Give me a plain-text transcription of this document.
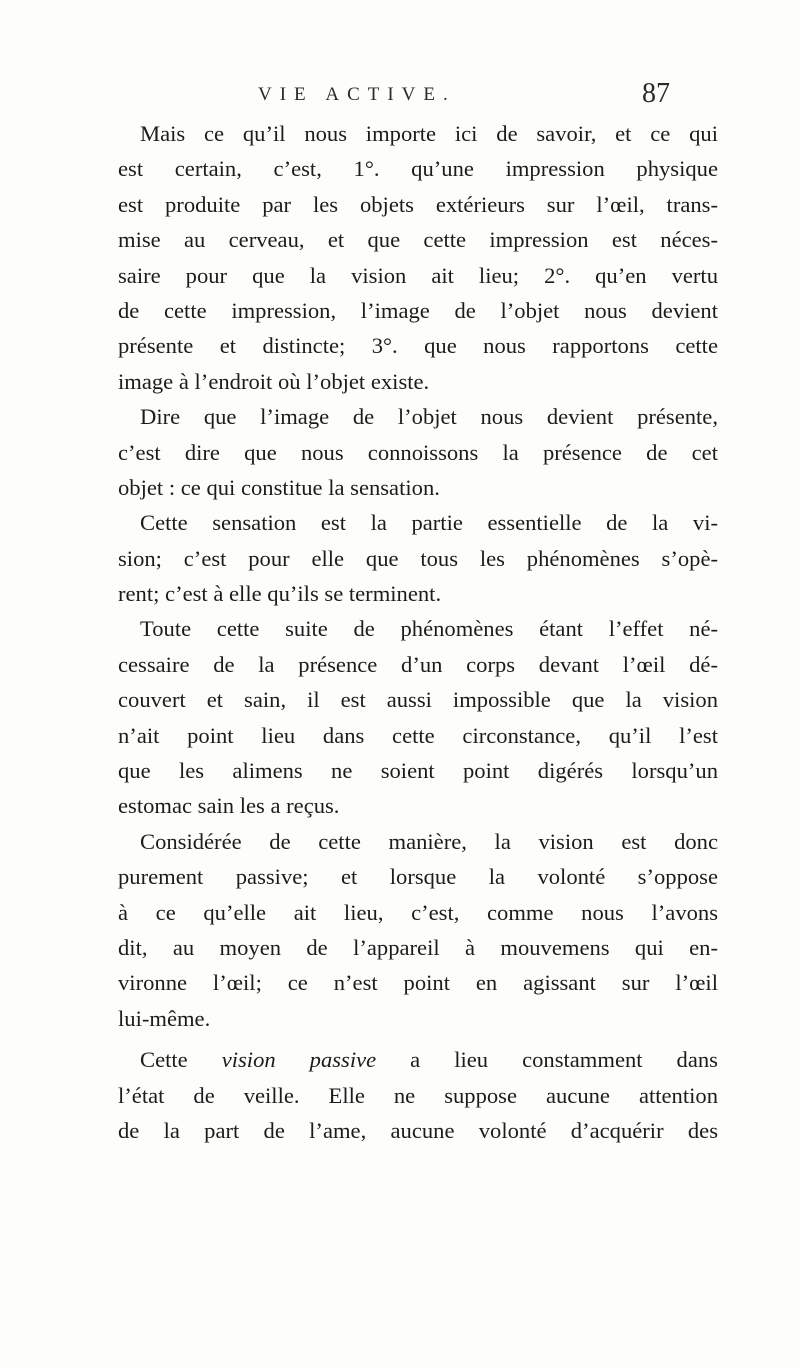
VIE ACTIVE.	87
Mais ce qu’il nous importe ici de savoir, et ce qui
est certain, c’est, 1°. qu’une impression physique
est produite par les objets extérieurs sur l’œil, trans-
mise au cerveau, et que cette impression est néces-
saire pour que la vision ait lieu; 2°. qu’en vertu
de cette impression, l’image de l’objet nous devient
présente et distincte; 3°. que nous rapportons cette
image à l’endroit où l’objet existe.
Dire que l’image de l’objet nous devient présente,
c’est dire que nous connoissons la présence de cet
objet : ce qui constitue la sensation.
Cette sensation est la partie essentielle de la vi-
sion; c’est pour elle que tous les phénomènes s’opè-
rent; c’est à elle qu’ils se terminent.
Toute cette suite de phénomènes étant l’effet né-
cessaire de la présence d’un corps devant l’œil dé-
couvert et sain, il est aussi impossible que la vision
n’ait point lieu dans cette circonstance, qu’il l’est
que les alimens ne soient point digérés lorsqu’un
estomac sain les a reçus.
Considérée de cette manière, la vision est donc
purement passive; et lorsque la volonté s’oppose
à ce qu’elle ait lieu, c’est, comme nous l’avons
dit, au moyen de l’appareil à mouvemens qui en-
vironne l’œil; ce n’est point en agissant sur l’œil
lui-même.
Cette vision passive a lieu constamment dans
l’état de veille. Elle ne suppose aucune attention
de la part de l’ame, aucune volonté d’acquérir des
